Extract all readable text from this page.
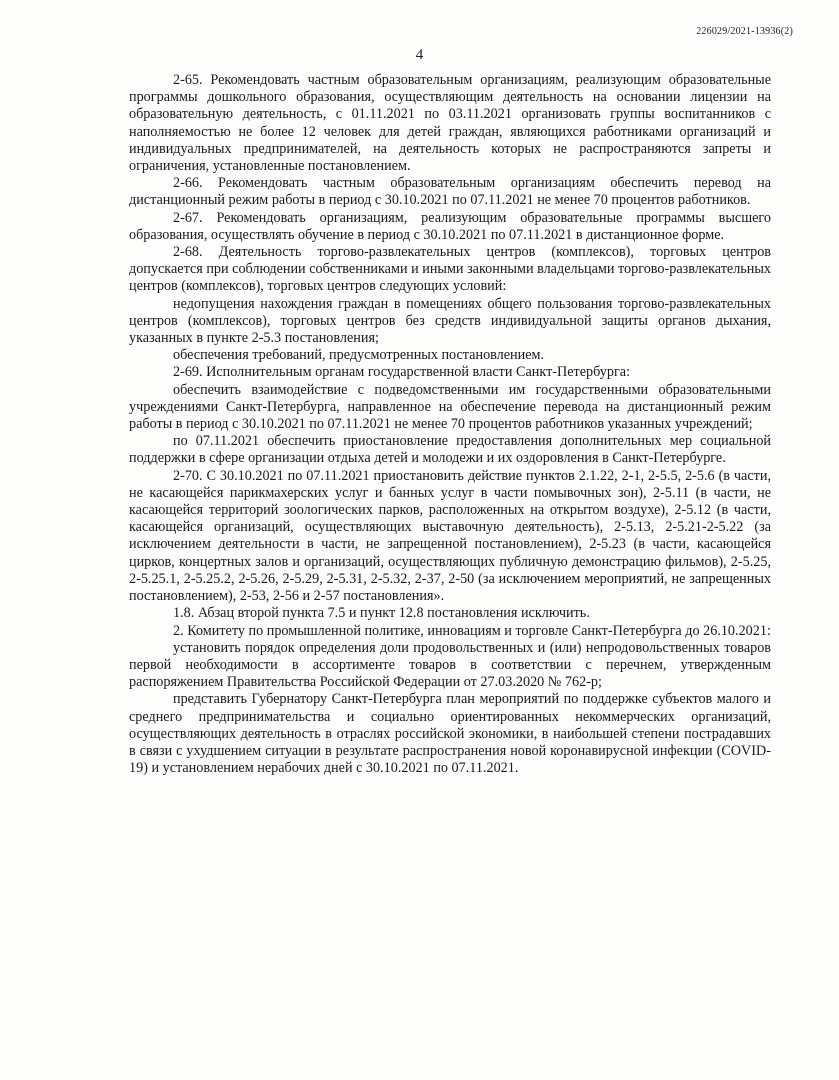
226029/2021-13936(2)
4

2-65. Рекомендовать частным образовательным организациям, реализующим образовательные программы дошкольного образования, осуществляющим деятельность на основании лицензии на образовательную деятельность, с 01.11.2021 по 03.11.2021 организовать группы воспитанников с наполняемостью не более 12 человек для детей граждан, являющихся работниками организаций и индивидуальных предпринимателей, на деятельность которых не распространяются запреты и ограничения, установленные постановлением.

2-66. Рекомендовать частным образовательным организациям обеспечить перевод на дистанционный режим работы в период с 30.10.2021 по 07.11.2021 не менее 70 процентов работников.

2-67. Рекомендовать организациям, реализующим образовательные программы высшего образования, осуществлять обучение в период с 30.10.2021 по 07.11.2021 в дистанционное форме.

2-68. Деятельность торгово-развлекательных центров (комплексов), торговых центров допускается при соблюдении собственниками и иными законными владельцами торгово-развлекательных центров (комплексов), торговых центров следующих условий:

недопущения нахождения граждан в помещениях общего пользования торгово-развлекательных центров (комплексов), торговых центров без средств индивидуальной защиты органов дыхания, указанных в пункте 2-5.3 постановления;

обеспечения требований, предусмотренных постановлением.

2-69. Исполнительным органам государственной власти Санкт-Петербурга:

обеспечить взаимодействие с подведомственными им государственными образовательными учреждениями Санкт-Петербурга, направленное на обеспечение перевода на дистанционный режим работы в период с 30.10.2021 по 07.11.2021 не менее 70 процентов работников указанных учреждений;

по 07.11.2021 обеспечить приостановление предоставления дополнительных мер социальной поддержки в сфере организации отдыха детей и молодежи и их оздоровления в Санкт-Петербурге.

2-70. С 30.10.2021 по 07.11.2021 приостановить действие пунктов 2.1.22, 2-1, 2-5.5, 2-5.6 (в части, не касающейся парикмахерских услуг и банных услуг в части помывочных зон), 2-5.11 (в части, не касающейся территорий зоологических парков, расположенных на открытом воздухе), 2-5.12 (в части, касающейся организаций, осуществляющих выставочную деятельность), 2-5.13, 2-5.21-2-5.22 (за исключением деятельности в части, не запрещенной постановлением), 2-5.23 (в части, касающейся цирков, концертных залов и организаций, осуществляющих публичную демонстрацию фильмов), 2-5.25, 2-5.25.1, 2-5.25.2, 2-5.26, 2-5.29, 2-5.31, 2-5.32, 2-37, 2-50 (за исключением мероприятий, не запрещенных постановлением), 2-53, 2-56 и 2-57 постановления».

1.8. Абзац второй пункта 7.5 и пункт 12.8 постановления исключить.

2. Комитету по промышленной политике, инновациям и торговле Санкт-Петербурга до 26.10.2021:

установить порядок определения доли продовольственных и (или) непродовольственных товаров первой необходимости в ассортименте товаров в соответствии с перечнем, утвержденным распоряжением Правительства Российской Федерации от 27.03.2020 № 762-р;

представить Губернатору Санкт-Петербурга план мероприятий по поддержке субъектов малого и среднего предпринимательства и социально ориентированных некоммерческих организаций, осуществляющих деятельность в отраслях российской экономики, в наибольшей степени пострадавших в связи с ухудшением ситуации в результате распространения новой коронавирусной инфекции (COVID-19) и установлением нерабочих дней с 30.10.2021 по 07.11.2021.
